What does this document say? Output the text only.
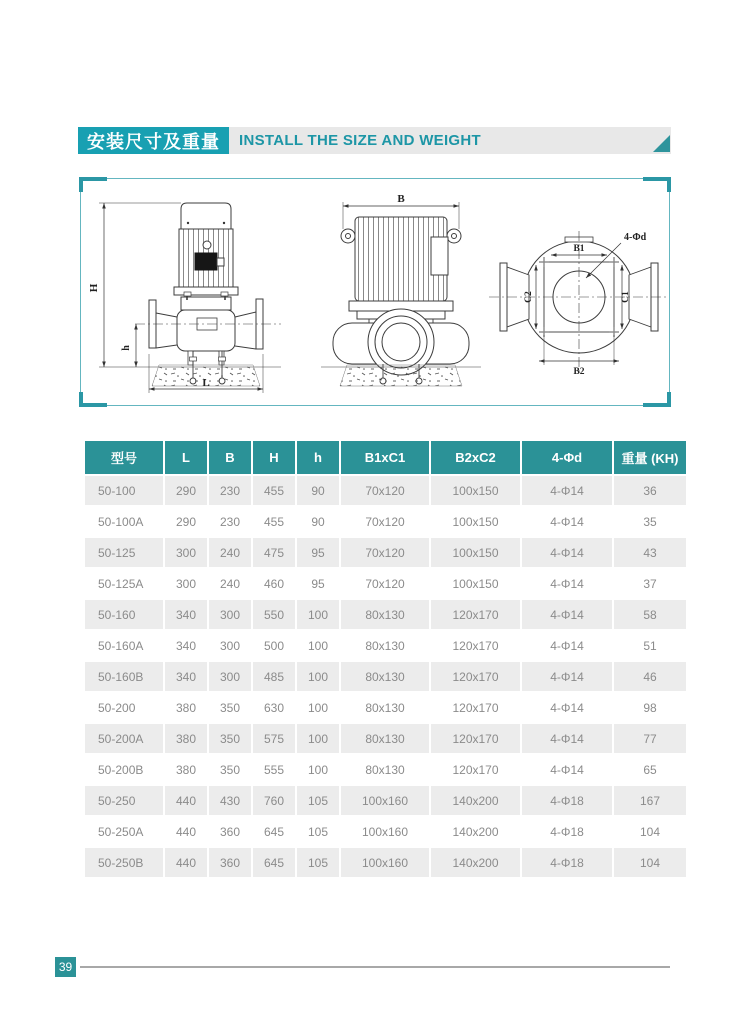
安装尺寸及重量	INSTALL THE SIZE AND WEIGHT
H
h
L
B
B1
B2
C2	C1
4-Φd
型号	L	B	H	h	B1xC1	B2xC2	4-Φd	重量 (KH)
50-100	290	230	455	90	70x120	100x150	4-Φ14	36
50-100A	290	230	455	90	70x120	100x150	4-Φ14	35
50-125	300	240	475	95	70x120	100x150	4-Φ14	43
50-125A	300	240	460	95	70x120	100x150	4-Φ14	37
50-160	340	300	550	100	80x130	120x170	4-Φ14	58
50-160A	340	300	500	100	80x130	120x170	4-Φ14	51
50-160B	340	300	485	100	80x130	120x170	4-Φ14	46
50-200	380	350	630	100	80x130	120x170	4-Φ14	98
50-200A	380	350	575	100	80x130	120x170	4-Φ14	77
50-200B	380	350	555	100	80x130	120x170	4-Φ14	65
50-250	440	430	760	105	100x160	140x200	4-Φ18	167
50-250A	440	360	645	105	100x160	140x200	4-Φ18	104
50-250B	440	360	645	105	100x160	140x200	4-Φ18	104
39
